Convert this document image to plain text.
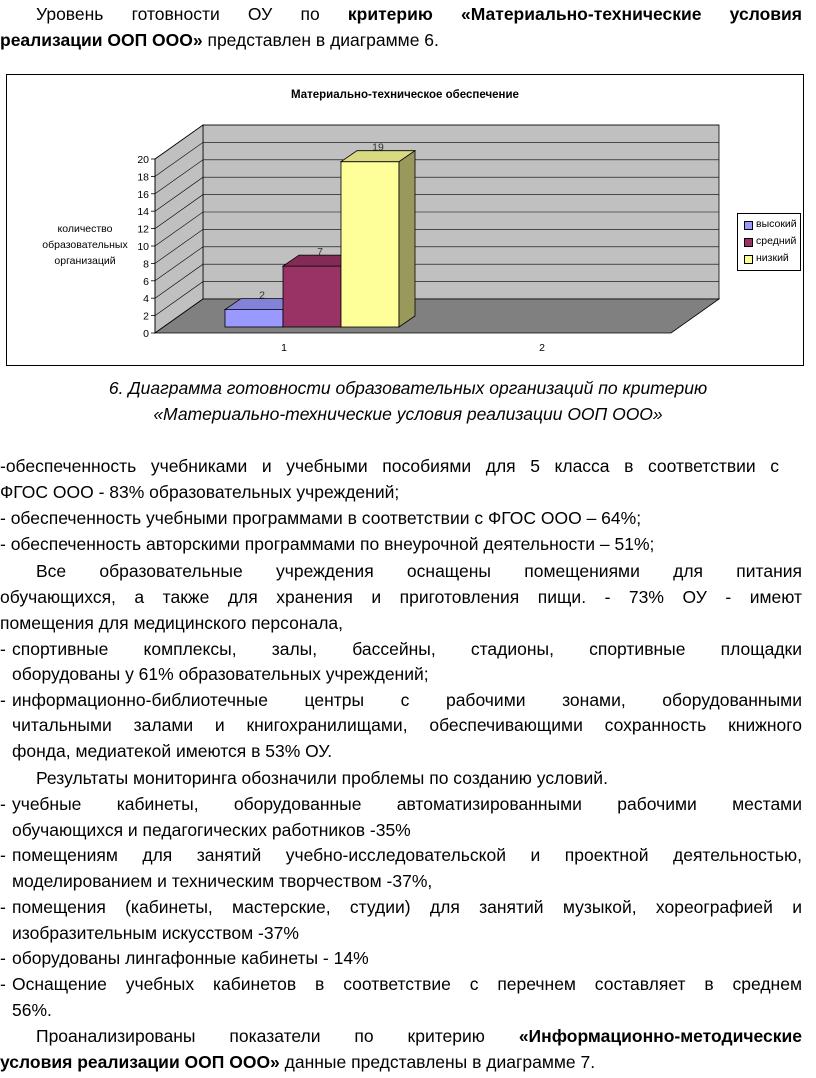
Уровень готовности ОУ по критерию «Материально-технические условия
реализации ООП ООО» представлен в диаграмме 6.
Материально-техническое обеспечение
количество образовательных организаций
0
2
4
6
8
10
12
14
16
18
20
1	2
2
7
19
высокий
средний
низкий
6. Диаграмма готовности образовательных организаций по критерию
«Материально-технические условия реализации ООП ООО»
-обеспеченность учебниками и учебными пособиями для 5 класса в соответствии с
ФГОС ООО - 83% образовательных учреждений;
- обеспеченность учебными программами в соответствии с ФГОС ООО – 64%;
- обеспеченность авторскими программами по внеурочной деятельности – 51%;
Все образовательные учреждения оснащены помещениями для питания
обучающихся, а также для хранения и приготовления пищи. - 73% ОУ - имеют
помещения для медицинского персонала,
- спортивные комплексы, залы, бассейны, стадионы, спортивные площадки
оборудованы у 61% образовательных учреждений;
- информационно-библиотечные центры с рабочими зонами, оборудованными
читальными залами и книгохранилищами, обеспечивающими сохранность книжного
фонда, медиатекой имеются в 53% ОУ.
Результаты мониторинга обозначили проблемы по созданию условий.
- учебные кабинеты, оборудованные автоматизированными рабочими местами
обучающихся и педагогических работников -35%
- помещениям для занятий учебно-исследовательской и проектной деятельностью,
моделированием и техническим творчеством -37%,
- помещения (кабинеты, мастерские, студии) для занятий музыкой, хореографией и
изобразительным искусством -37%
- оборудованы лингафонные кабинеты - 14%
- Оснащение учебных кабинетов в соответствие с перечнем составляет в среднем
56%.
Проанализированы показатели по критерию «Информационно-методические
условия реализации ООП ООО» данные представлены в диаграмме 7.
